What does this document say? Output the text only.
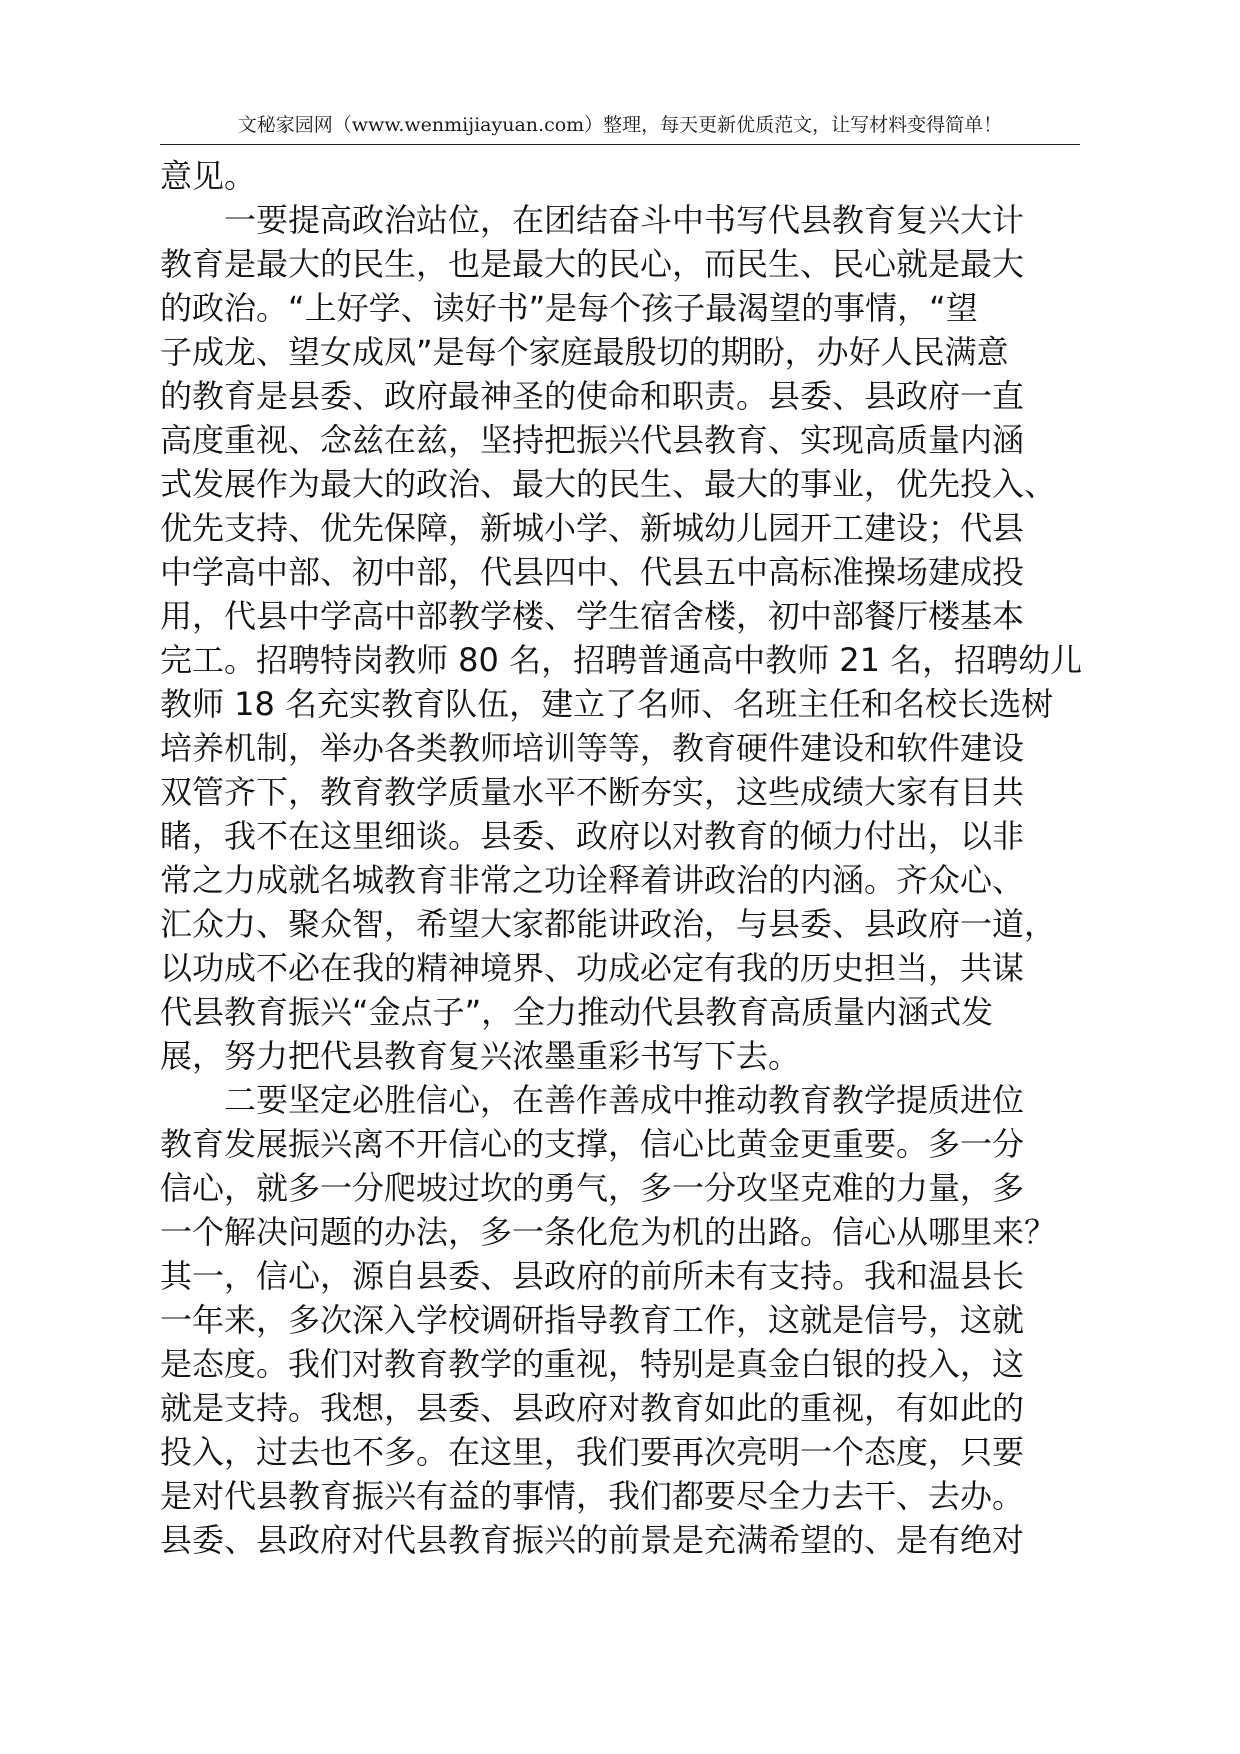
文秘家园网（www.wenmijiayuan.com）整理，每天更新优质范文，让写材料变得简单！
意见。
一要提高政治站位，在团结奋斗中书写代县教育复兴大计
教育是最大的民生，也是最大的民心，而民生、民心就是最大
的政治。“上好学、读好书”是每个孩子最渴望的事情，“望
子成龙、望女成凤”是每个家庭最殷切的期盼，办好人民满意
的教育是县委、政府最神圣的使命和职责。县委、县政府一直
高度重视、念兹在兹，坚持把振兴代县教育、实现高质量内涵
式发展作为最大的政治、最大的民生、最大的事业，优先投入、
优先支持、优先保障，新城小学、新城幼儿园开工建设；代县
中学高中部、初中部，代县四中、代县五中高标准操场建成投
用，代县中学高中部教学楼、学生宿舍楼，初中部餐厅楼基本
完工。招聘特岗教师 80 名，招聘普通高中教师 21 名，招聘幼儿
教师 18 名充实教育队伍，建立了名师、名班主任和名校长选树
培养机制，举办各类教师培训等等，教育硬件建设和软件建设
双管齐下，教育教学质量水平不断夯实，这些成绩大家有目共
睹，我不在这里细谈。县委、政府以对教育的倾力付出，以非
常之力成就名城教育非常之功诠释着讲政治的内涵。齐众心、
汇众力、聚众智，希望大家都能讲政治，与县委、县政府一道，
以功成不必在我的精神境界、功成必定有我的历史担当，共谋
代县教育振兴“金点子”，全力推动代县教育高质量内涵式发
展，努力把代县教育复兴浓墨重彩书写下去。
二要坚定必胜信心，在善作善成中推动教育教学提质进位
教育发展振兴离不开信心的支撑，信心比黄金更重要。多一分
信心，就多一分爬坡过坎的勇气，多一分攻坚克难的力量，多
一个解决问题的办法，多一条化危为机的出路。信心从哪里来？
其一，信心，源自县委、县政府的前所未有支持。我和温县长
一年来，多次深入学校调研指导教育工作，这就是信号，这就
是态度。我们对教育教学的重视，特别是真金白银的投入，这
就是支持。我想，县委、县政府对教育如此的重视，有如此的
投入，过去也不多。在这里，我们要再次亮明一个态度，只要
是对代县教育振兴有益的事情，我们都要尽全力去干、去办。
县委、县政府对代县教育振兴的前景是充满希望的、是有绝对
